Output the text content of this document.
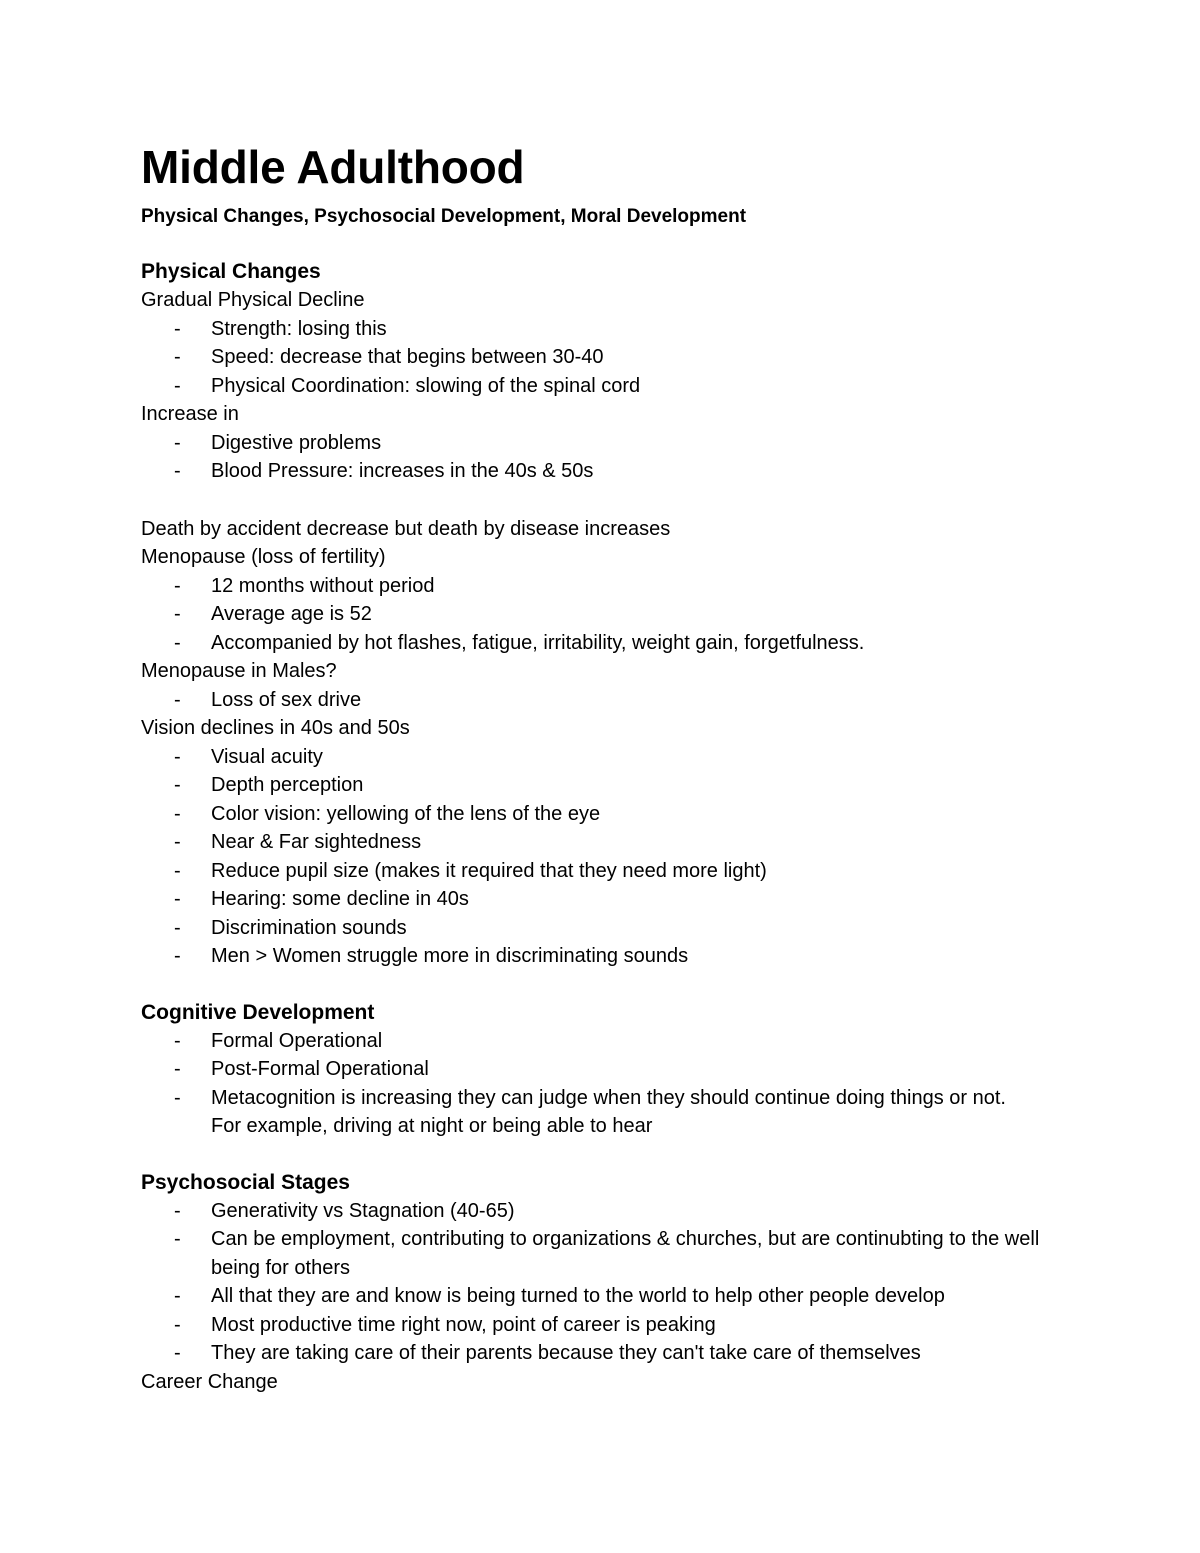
Middle Adulthood

Physical Changes, Psychosocial Development, Moral Development

Physical Changes

Gradual Physical Decline

- Strength: losing this
- Speed: decrease that begins between 30-40
- Physical Coordination: slowing of the spinal cord

Increase in

- Digestive problems
- Blood Pressure: increases in the 40s & 50s

Death by accident decrease but death by disease increases

Menopause (loss of fertility)

- 12 months without period
- Average age is 52
- Accompanied by hot flashes, fatigue, irritability, weight gain, forgetfulness.

Menopause in Males?

- Loss of sex drive

Vision declines in 40s and 50s

- Visual acuity
- Depth perception
- Color vision: yellowing of the lens of the eye
- Near & Far sightedness
- Reduce pupil size (makes it required that they need more light)
- Hearing: some decline in 40s
- Discrimination sounds
- Men > Women struggle more in discriminating sounds
Cognitive Development
- Formal Operational
- Post-Formal Operational
- Metacognition is increasing they can judge when they should continue doing things or not. For example, driving at night or being able to hear
Psychosocial Stages
- Generativity vs Stagnation (40-65)
- Can be employment, contributing to organizations & churches, but are continubting to the well being for others
- All that they are and know is being turned to the world to help other people develop
- Most productive time right now, point of career is peaking
- They are taking care of their parents because they can't take care of themselves

Career Change
